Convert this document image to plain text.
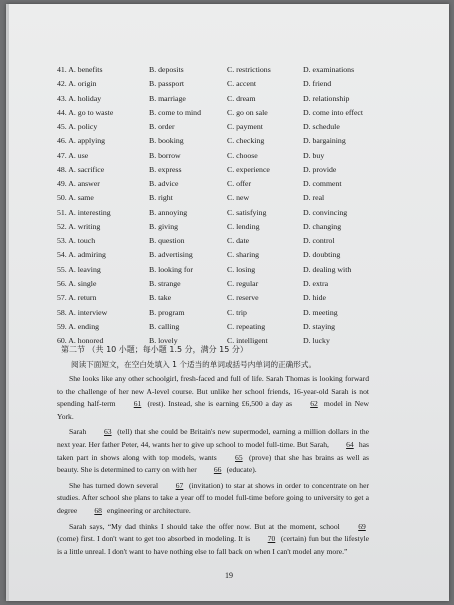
41. A. benefits	B. deposits	C. restrictions	D. examinations
42. A. origin	B. passport	C. accent	D. friend
43. A. holiday	B. marriage	C. dream	D. relationship
44. A. go to waste	B. come to mind	C. go on sale	D. come into effect
45. A. policy	B. order	C. payment	D. schedule
46. A. applying	B. booking	C. checking	D. bargaining
47. A. use	B. borrow	C. choose	D. buy
48. A. sacrifice	B. express	C. experience	D. provide
49. A. answer	B. advice	C. offer	D. comment
50. A. same	B. right	C. new	D. real
51. A. interesting	B. annoying	C. satisfying	D. convincing
52. A. writing	B. giving	C. lending	D. changing
53. A. touch	B. question	C. date	D. control
54. A. admiring	B. advertising	C. sharing	D. doubting
55. A. leaving	B. looking for	C. losing	D. dealing with
56. A. single	B. strange	C. regular	D. extra
57. A. return	B. take	C. reserve	D. hide
58. A. interview	B. program	C. trip	D. meeting
59. A. ending	B. calling	C. repeating	D. staying
60. A. honored	B. lovely	C. intelligent	D. lucky
第二节 （共 10 小题；每小题 1.5 分，满分 15 分）
阅读下面短文，在空白处填入 1 个适当的单词或括号内单词的正确形式。

She looks like any other schoolgirl, fresh-faced and full of life. Sarah Thomas is looking forward to the challenge of her new A-level course. But unlike her school friends, 16-year-old Sarah is not spending half-term 61 (rest). Instead, she is earning £6,500 a day as 62 model in New York.

Sarah 63 (tell) that she could be Britain's new supermodel, earning a million dollars in the next year. Her father Peter, 44, wants her to give up school to model full-time. But Sarah, 64 has taken part in shows along with top models, wants 65 (prove) that she has brains as well as beauty. She is determined to carry on with her 66 (educate).

She has turned down several 67 (invitation) to star at shows in order to concentrate on her studies. After school she plans to take a year off to model full-time before going to university to get a degree 68 engineering or architecture.

Sarah says, “My dad thinks I should take the offer now. But at the moment, school 69 (come) first. I don't want to get too absorbed in modeling. It is 70 (certain) fun but the lifestyle is a little unreal. I don't want to have nothing else to fall back on when I can't model any more.”

19
